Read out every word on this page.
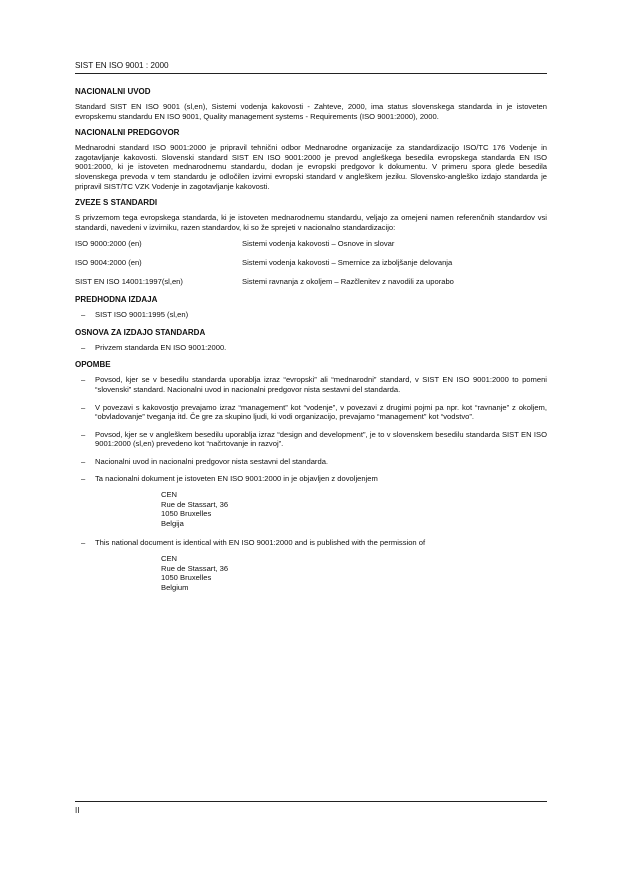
SIST EN ISO 9001 : 2000
NACIONALNI UVOD

Standard SIST EN ISO 9001 (sl,en), Sistemi vodenja kakovosti - Zahteve, 2000, ima status slovenskega standarda in je istoveten evropskemu standardu EN ISO 9001, Quality management systems - Requirements (ISO 9001:2000), 2000.

NACIONALNI PREDGOVOR

Mednarodni standard ISO 9001:2000 je pripravil tehnični odbor Mednarodne organizacije za standardizacijo ISO/TC 176 Vodenje in zagotavljanje kakovosti. Slovenski standard SIST EN ISO 9001:2000 je prevod angleškega besedila evropskega standarda EN ISO 9001:2000, ki je istoveten mednarodnemu standardu, dodan je evropski predgovor k dokumentu. V primeru spora glede besedila slovenskega prevoda v tem standardu je odločilen izvirni evropski standard v angleškem jeziku. Slovensko-angleško izdajo standarda je pripravil SIST/TC VZK Vodenje in zagotavljanje kakovosti.

ZVEZE S STANDARDI

S privzemom tega evropskega standarda, ki je istoveten mednarodnemu standardu, veljajo za omejeni namen referenčnih standardov vsi standardi, navedeni v izvirniku, razen standardov, ki so že sprejeti v nacionalno standardizacijo:

ISO 9000:2000 (en)	Sistemi vodenja kakovosti – Osnove in slovar
ISO 9004:2000 (en)	Sistemi vodenja kakovosti – Smernice za izboljšanje delovanja
SIST EN ISO 14001:1997(sl,en)	Sistemi ravnanja z okoljem – Razčlenitev z navodili za uporabo
PREDHODNA IZDAJA
– SIST ISO 9001:1995 (sl,en)
OSNOVA ZA IZDAJO STANDARDA
– Privzem standarda EN ISO 9001:2000.
OPOMBE
– Povsod, kjer se v besedilu standarda uporablja izraz “evropski” ali “mednarodni” standard, v SIST EN ISO 9001:2000 to pomeni “slovenski” standard. Nacionalni uvod in nacionalni predgovor nista sestavni del standarda.
– V povezavi s kakovostjo prevajamo izraz “management” kot “vodenje”, v povezavi z drugimi pojmi pa npr. kot “ravnanje” z okoljem, “obvladovanje” tveganja itd. Če gre za skupino ljudi, ki vodi organizacijo, prevajamo “management” kot “vodstvo”.
– Povsod, kjer se v angleškem besedilu uporablja izraz “design and development”, je to v slovenskem besedilu standarda SIST EN ISO 9001:2000 (sl,en) prevedeno kot “načrtovanje in razvoj”.
– Nacionalni uvod in nacionalni predgovor nista sestavni del standarda.
– Ta nacionalni dokument je istoveten EN ISO 9001:2000 in je objavljen z dovoljenjem
CEN
Rue de Stassart, 36
1050 Bruxelles
Belgija
– This national document is identical with EN ISO 9001:2000 and is published with the permission of
CEN
Rue de Stassart, 36
1050 Bruxelles
Belgium
II
